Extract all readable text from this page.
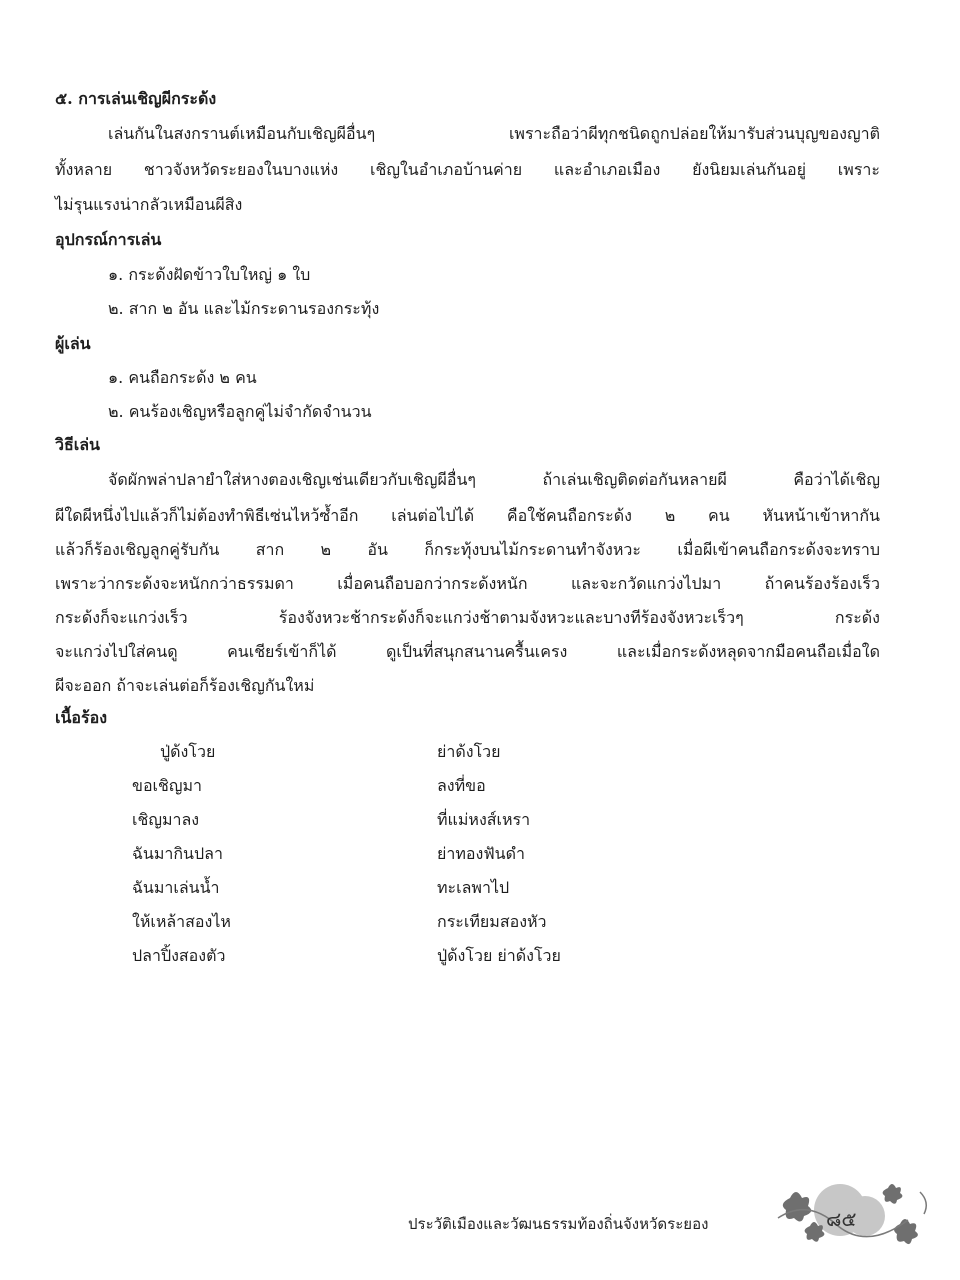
๕. การเล่นเชิญผีกระด้ง
เล่นกันในสงกรานต์เหมือนกับเชิญผีอื่นๆ เพราะถือว่าผีทุกชนิดถูกปล่อยให้มารับส่วนบุญของญาติ
ทั้งหลาย ชาวจังหวัดระยองในบางแห่ง เชิญในอำเภอบ้านค่าย และอำเภอเมือง ยังนิยมเล่นกันอยู่ เพราะ
ไม่รุนแรงน่ากลัวเหมือนผีสิง
อุปกรณ์การเล่น
๑. กระด้งฝัดข้าวใบใหญ่ ๑ ใบ
๒. สาก ๒ อัน และไม้กระดานรองกระทุ้ง
ผู้เล่น
๑. คนถือกระด้ง ๒ คน
๒. คนร้องเชิญหรือลูกคู่ไม่จำกัดจำนวน
วิธีเล่น
จัดผักพล่าปลายำใส่หางตองเชิญเช่นเดียวกับเชิญผีอื่นๆ ถ้าเล่นเชิญติดต่อกันหลายผี คือว่าได้เชิญ
ผีใดผีหนึ่งไปแล้วก็ไม่ต้องทำพิธีเซ่นไหว้ซ้ำอีก เล่นต่อไปได้ คือใช้คนถือกระด้ง ๒ คน หันหน้าเข้าหากัน
แล้วก็ร้องเชิญลูกคู่รับกัน สาก ๒ อัน ก็กระทุ้งบนไม้กระดานทำจังหวะ เมื่อผีเข้าคนถือกระด้งจะทราบ
เพราะว่ากระด้งจะหนักกว่าธรรมดา เมื่อคนถือบอกว่ากระด้งหนัก และจะกวัดแกว่งไปมา ถ้าคนร้องร้องเร็ว
กระด้งก็จะแกว่งเร็ว ร้องจังหวะช้ากระด้งก็จะแกว่งช้าตามจังหวะและบางทีร้องจังหวะเร็วๆ กระด้ง
จะแกว่งไปใส่คนดู คนเชียร์เข้าก็ได้ ดูเป็นที่สนุกสนานครื้นเครง และเมื่อกระด้งหลุดจากมือคนถือเมื่อใด
ผีจะออก ถ้าจะเล่นต่อก็ร้องเชิญกันใหม่
เนื้อร้อง
ปู่ด้งโวย
ขอเชิญมา
เชิญมาลง
ฉันมากินปลา
ฉันมาเล่นน้ำ
ให้เหล้าสองไห
ปลาปิ้งสองตัว
ย่าด้งโวย
ลงที่ขอ
ที่แม่หงส์เหรา
ย่าทองฟันดำ
ทะเลพาไป
กระเทียมสองหัว
ปู่ด้งโวย ย่าด้งโวย
ประวัติเมืองและวัฒนธรรมท้องถิ่นจังหวัดระยอง	๘๕
